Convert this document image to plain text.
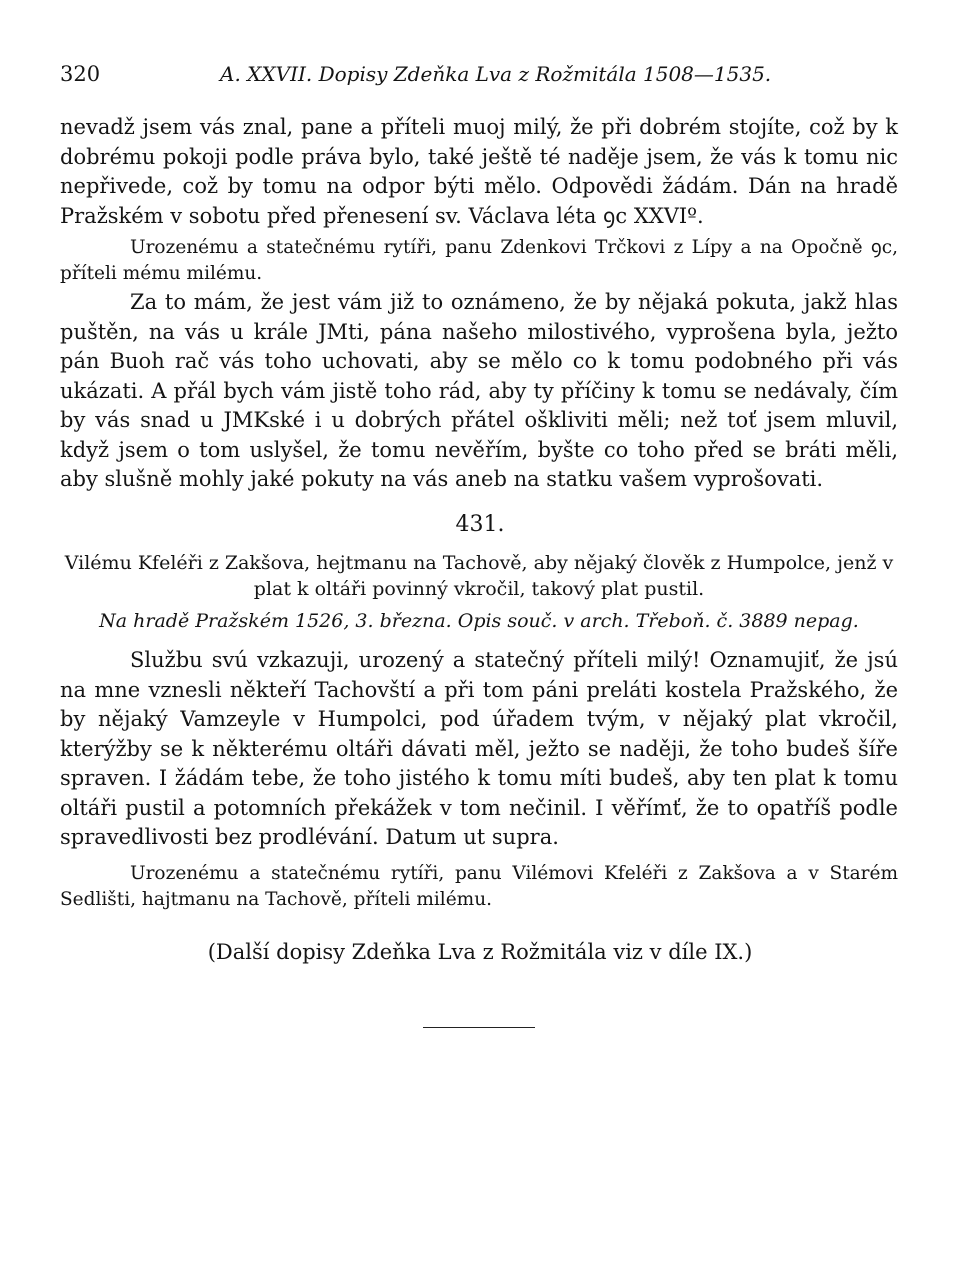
320	A. XXVII. Dopisy Zdeňka Lva z Rožmitála 1508—1535.

nevadž jsem vás znal, pane a příteli muoj milý, že při dobrém stojíte, což by k dobrému pokoji podle práva bylo, také ještě té naděje jsem, že vás k tomu nic nepřivede, což by tomu na odpor býti mělo. Odpovědi žádám. Dán na hradě Pražském v sobotu před přenesení sv. Václava léta ꝯc XXVIº.

Urozenému a statečnému rytíři, panu Zdenkovi Trčkovi z Lípy a na Opočně ꝯc, příteli mému milému.

Za to mám, že jest vám již to oznámeno, že by nějaká pokuta, jakž hlas puštěn, na vás u krále JMti, pána našeho milostivého, vyprošena byla, ježto pán Buoh rač vás toho uchovati, aby se mělo co k tomu podobného při vás ukázati. A přál bych vám jistě toho rád, aby ty příčiny k tomu se nedávaly, čím by vás snad u JMKské i u dobrých přátel oškliviti měli; než toť jsem mluvil, když jsem o tom uslyšel, že tomu nevěřím, byšte co toho před se bráti měli, aby slušně mohly jaké pokuty na vás aneb na statku vašem vyprošovati.

431.

Vilému Kfeléři z Zakšova, hejtmanu na Tachově, aby nějaký člověk z Humpolce, jenž v plat k oltáři povinný vkročil, takový plat pustil.

Na hradě Pražském 1526, 3. března. Opis souč. v arch. Třeboň. č. 3889 nepag.

Službu svú vzkazuji, urozený a statečný příteli milý! Oznamujiť, že jsú na mne vznesli někteří Tachovští a při tom páni preláti kostela Pražského, že by nějaký Vamzeyle v Humpolci, pod úřadem tvým, v nějaký plat vkročil, kterýžby se k některému oltáři dávati měl, ježto se naději, že toho budeš šíře spraven. I žádám tebe, že toho jistého k tomu míti budeš, aby ten plat k tomu oltáři pustil a potomních překážek v tom nečinil. I věřímť, že to opatříš podle spravedlivosti bez prodlévání. Datum ut supra.

Urozenému a statečnému rytíři, panu Vilémovi Kfeléři z Zakšova a v Starém Sedlišti, hajtmanu na Tachově, příteli milému.

(Další dopisy Zdeňka Lva z Rožmitála viz v díle IX.)
